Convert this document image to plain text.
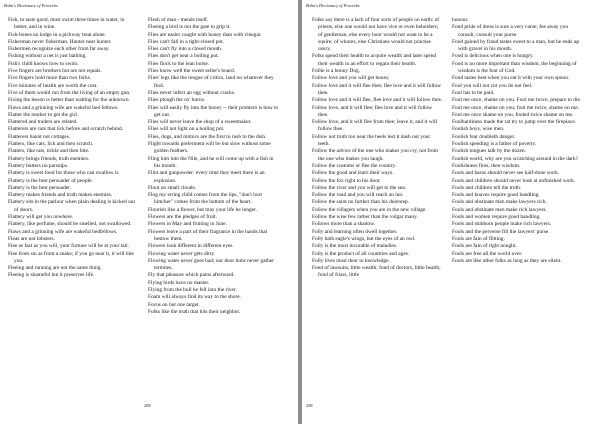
Bohn's Dictionary of Proverbs

Fish, to taste good, must swim three times in water, in butter, and in wine.

Fish-bones no lodge in a pickway treat alone.

Fisherman never fisherman. Hunter near hunter.

Fishermen recognize each other from far away.

Fishing without a net is just bathing.

Fish's child knows how to swim.

Five fingers are brothers but are not equals.

Five fingers hold more than two forks.

Five minutes of health are worth the cost.

Five of them would run from the living of an empty gun.

Fixing the lesson is better than waiting for the unknown.

Flaws and a grinning wife are wakeful bed fellows.

Flatter the mother to get the girl.

Flattered and traders are related.

Flatterers are cats that lick before and scratch behind.

Flatterers haunt not cottages.

Flatters, like cats, lick and then scratch.

Flatters, like rats, tickle and then bite.

Flattery brings friends, truth enemies.

Flattery butters no parsnips.

Flattery is sweet food for those who can swallow it.

Flattery is the best persuader of people.

Flattery is the best persuader.

Flattery makes friends and truth makes enemies.

Flattery sits in the parlour when plain dealing is kicked out of doors.

Flattery will get you nowhere.

Flattery, like perfume, should be smelled, not swallowed.

Flaws and a grinning wife are wakeful bedfellows.

Fleas are not lobsters.

Flee as fast as you will, your fortune will be at your tail.

Flee from sin as from a snake; if you go near it, it will bite you.

Fleeing and running are not the same thing.

Fleeing is shameful but it preserves life.

Flesh of man - mends itself.

Fleeing a bird is not the gate to grip it.

Flies are easier caught with honey than with vinegar.

Flies can't fall in a tight-closed pot.

Flies can't fly into a closed mouth.

Flies don't get near a boiling pot.

Flies flock to the lean horse.

Flies know well the sweet seller's board.

Flies' legs like the tongue of critics, land on whatever they find.

Flies never infect an egg without cracks.

Flies plough the ox' horns.

Flies will easily fly into the honey -- their problem is how to get out.

Flies will never leave the shop of a sweetmaker.

Flies will not light on a boiling pot.

Flies, dogs, and mimics are the first to rush to the dish.

Flight towards preferment will be but slow without some golden feathers.

Fling him into the Nile, and he will come up with a fish in his mouth.

Flint and gunpowder: every time they meet there is an explosion.

Flout on small clouds.

Flog my erring child comes from the lips, "don't hurt him/her" comes from the bottom of the heart.

Flourish like a flower, but may your life be longer.

Flowers are the pledges of fruit.

Flowers in May and fruiting in June.

Flowers leave a part of their fragrance in the hands that bestow them.

Flowers look different in different eyes.

Flowing water never gets dirty.

Flowing water never goes bad; our door hubs never gather termites.

Fly that pleasure which pains afterward.

Flying birds have no master.

Flying from the bull he fell into the river.

Foam will always find its way to the shore.

Focus on but one target.

Folks like the truth that hits their neighbor.

208
Bohn's Dictionary of Proverbs

Folks say there is a lack of four sorts of people on earth: of priests, else one would not have vice or even beholders; of gentleman, else every boor would not want to be a squire; of whores, else Christians would not practise usury.

Folks spend their health to acquire wealth and later spend their wealth in an effort to regain their health.

Follie is a bonny Dog.

Follow love and you will get honey.

Follow love and it will flee thee; flee love and it will follow thee.

Follow love and it will flee, flee love and it will follow thee.

Follow love, and it will flee; flee love and it will follow thee.

Follow love, and it will flee from thee; leave it, and it will follow thee.

Follow not truth too near the heels lest it dash out your teeth.

Follow the advice of the one who makes you cry, not from the one who makes you laugh.

Follow the customs or flee the country.

Follow the good and learn their ways.

Follow the fox right to his door.

Follow the river and you will get to the sea.

Follow the road and you will reach an inn.

Follow the saint no further than his doorstep.

Follow the villagers when you are in the new village.

Follow the wise few rather than the vulgar many.

Follows more than a shadow.

Folly and learning often dwell together.

Folly hath eagle's wings, but the eyes of an owl.

Folly is the most incurable of maladies.

Folly is the product of all countries and ages.

Folly lives most door to knowledge.

Fond of lawsuits, little wealth; fond of doctors, little health; fond of friars, little

honour.

Fond pride of dress is sure a very curse; fee away you consult, consult your purse.

Food gained by fraud tastes sweet to a man, but he ends up with gravel in his mouth.

Food is delicious when one is hungry.

Food is no more important than wisdom, the beginning of wisdom is the fear of God.

Food tastes best when you eat it with your own spoon.

Fool you will not cut you do not feel.

Fool has to be paid.

Fool me once, shame on you. Fool me twice, prepare to die.

Fool me once, shame on you; fool me twice, shame on me.

Fool me once shame on you, fooled twice shame on me.

Foolhardiness made the rat try to jump over the fireplace.

Foolish boys, wise men.

Foolish fear doubleth danger.

Foolish spending is a father of poverty.

Foolish tongues talk by the dozen.

Foolish world, why are you scratching around in the dark?

Foolishness fires, then wisdom.

Fools and barns should never see half-done work.

Fools and children should never look at unfinished work.

Fools and children tell the truth.

Fools and knaves require good handling.

Fools and obstinate men make lawyers rich.

Fools and obstinate men make rich lawyers.

Fools and women require good handling.

Fools and stubborn people make rich lawyers.

Fools and the perverse fill the lawyers' purse.

Fools are fain of flitting.

Fools are fain of right nought.

Fools are free all the world over.

Fools are like other folks as long as they are silent.

208
